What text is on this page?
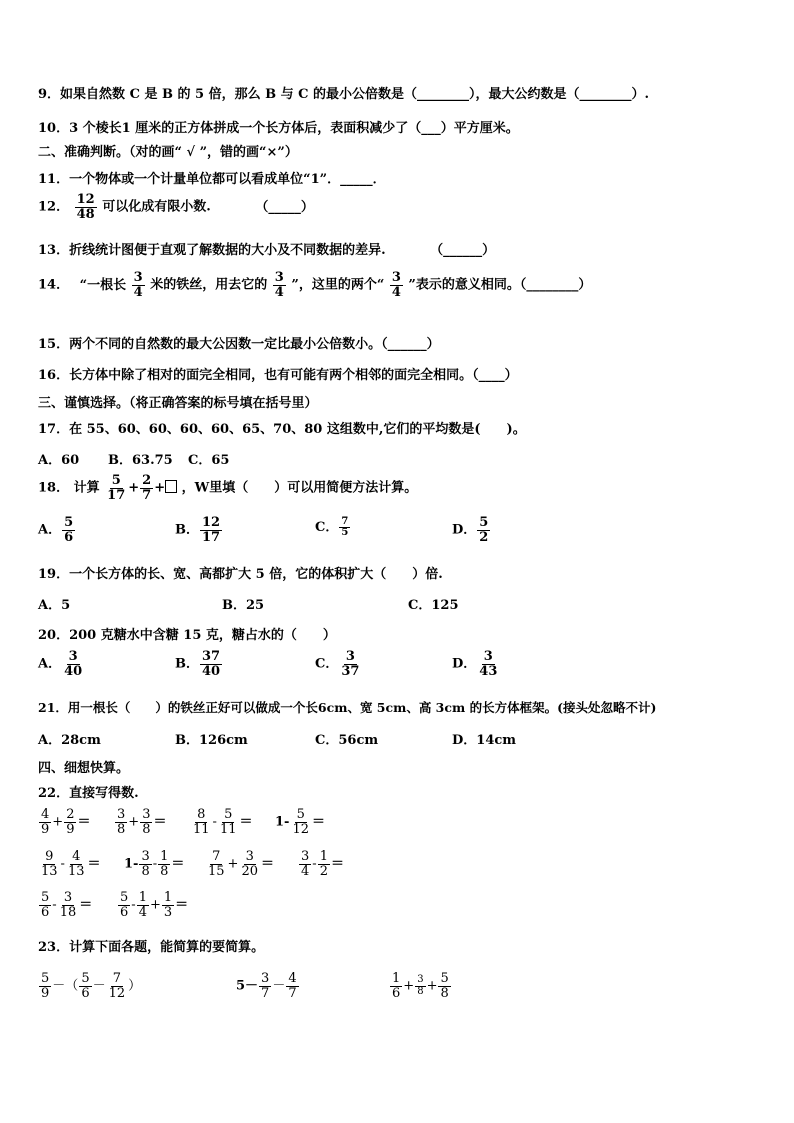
9．如果自然数 C 是 B 的 5 倍，那么 B 与 C 的最小公倍数是（________），最大公约数是（________）.
10．3 个棱长1 厘米的正方体拼成一个长方体后，表面积减少了（___）平方厘米。
二、准确判断。（对的画“ √ ”，错的画“×”）
11．一个物体或一个计量单位都可以看成单位“1”．_____．
12． $\frac{12}{48}$ 可以化成有限小数.	（_____）
13．折线统计图便于直观了解数据的大小及不同数据的差异.	（______）
14． “一根长 $\frac{3}{4}$ 米的铁丝，用去它的 $\frac{3}{4}$ ”，这里的两个“ $\frac{3}{4}$ ”表示的意义相同。（________）
15．两个不同的自然数的最大公因数一定比最小公倍数小。（______）
16．长方体中除了相对的面完全相同，也有可能有两个相邻的面完全相同。（____）
三、谨慎选择。（将正确答案的标号填在括号里）
17．在 55、60、60、60、60、65、70、80 这组数中,它们的平均数是(　　)。
A．60 B．63.75 C．65
18． 计算 $\frac{5}{17} + \frac{2}{7}$ + ，W里填（　　）可以用简便方法计算。
A． $\frac{5}{6}$	B． $\frac{12}{17}$	C． $\frac{7}{5}$	D． $\frac{5}{2}$
19．一个长方体的长、宽、高都扩大 5 倍，它的体积扩大（　　）倍.
A．5	B．25	C．125
20．200 克糖水中含糖 15 克，糖占水的（　　）
A． $\frac{3}{40}$	B． $\frac{37}{40}$	C． $\frac{3}{37}$	D． $\frac{3}{43}$
21．用一根长（　　）的铁丝正好可以做成一个长6cm、宽 5cm、高 3cm 的长方体框架。(接头处忽略不计)
A．28cm	B．126cm	C．56cm	D．14cm
四、细想快算。
22．直接写得数.
$\frac{4}{9} + \frac{2}{9} = \frac{3}{8} + \frac{3}{8} = \frac{8}{11} - \frac{5}{11} = 1- \frac{5}{12}$ ＝
$\frac{9}{13} - \frac{4}{13} = 1- \frac{3}{8} - \frac{1}{8} = \frac{7}{15} + \frac{3}{20} = \frac{3}{4} - \frac{1}{2}$ ＝
$\frac{5}{6} - \frac{3}{18} = \frac{5}{6} - \frac{1}{4} + \frac{1}{3}$ ＝
23．计算下面各题，能简算的要简算。
$\frac{5}{9}$ －（ $\frac{5}{6} - \frac{7}{12}$ ）	$5- \frac{3}{7} - \frac{4}{7}$	$\frac{1}{6} + \frac{3}{8} + \frac{5}{8}$
